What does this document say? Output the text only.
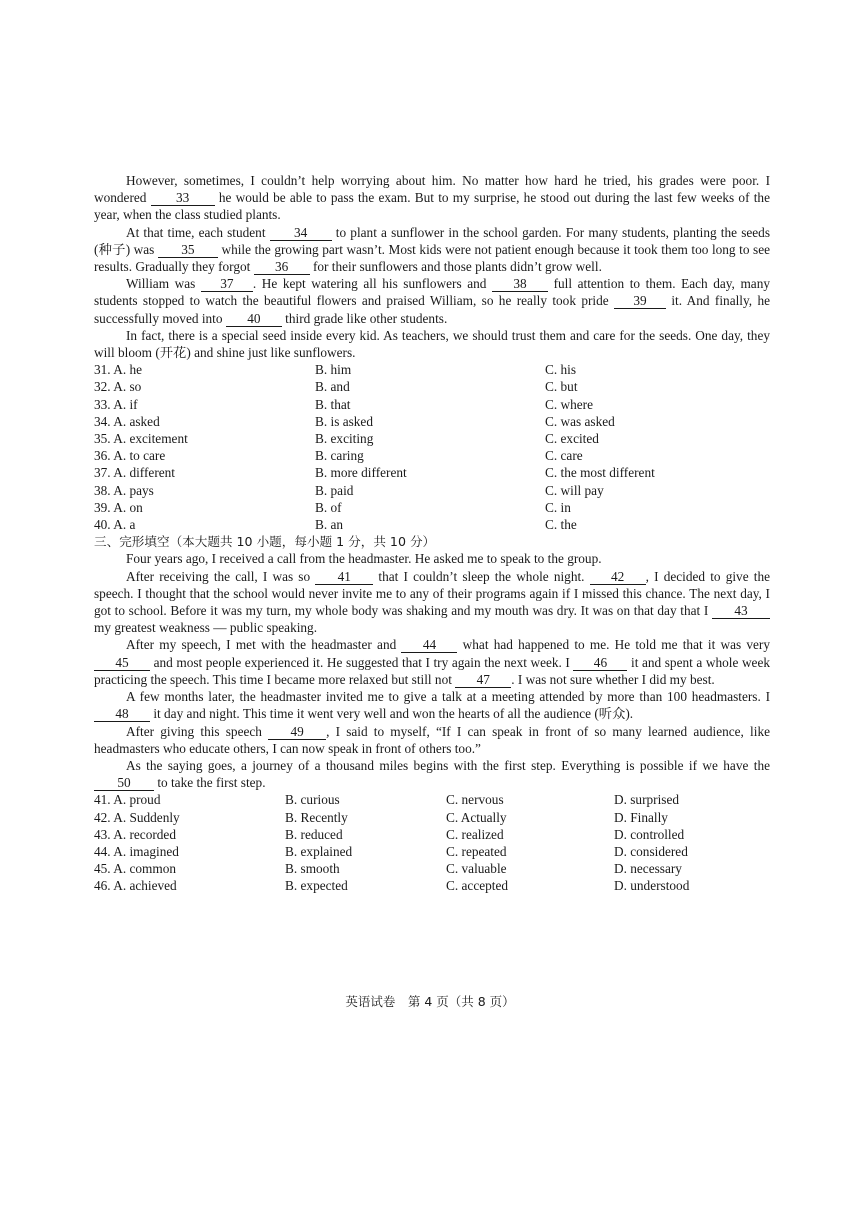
However, sometimes, I couldn’t help worrying about him. No matter how hard he tried, his grades were poor. I wondered 33 he would be able to pass the exam. But to my surprise, he stood out during the last few weeks of the year, when the class studied plants.

At that time, each student 34 to plant a sunflower in the school garden. For many students, planting the seeds (种子) was 35 while the growing part wasn’t. Most kids were not patient enough because it took them too long to see results. Gradually they forgot 36 for their sunflowers and those plants didn’t grow well.

William was 37 . He kept watering all his sunflowers and 38 full attention to them. Each day, many students stopped to watch the beautiful flowers and praised William, so he really took pride 39 it. And finally, he successfully moved into 40 third grade like other students.

In fact, there is a special seed inside every kid. As teachers, we should trust them and care for the seeds. One day, they will bloom (开花) and shine just like sunflowers.

31. A. he	B. him	C. his
32. A. so	B. and	C. but
33. A. if	B. that	C. where
34. A. asked	B. is asked	C. was asked
35. A. excitement	B. exciting	C. excited
36. A. to care	B. caring	C. care
37. A. different	B. more different	C. the most different
38. A. pays	B. paid	C. will pay
39. A. on	B. of	C. in
40. A. a	B. an	C. the

三、完形填空（本大题共 10 小题，每小题 1 分，共 10 分）

Four years ago, I received a call from the headmaster. He asked me to speak to the group.

After receiving the call, I was so 41 that I couldn’t sleep the whole night. 42 , I decided to give the speech. I thought that the school would never invite me to any of their programs again if I missed this chance. The next day, I got to school. Before it was my turn, my whole body was shaking and my mouth was dry. It was on that day that I 43 my greatest weakness — public speaking.

After my speech, I met with the headmaster and 44 what had happened to me. He told me that it was very 45 and most people experienced it. He suggested that I try again the next week. I 46 it and spent a whole week practicing the speech. This time I became more relaxed but still not 47 . I was not sure whether I did my best.

A few months later, the headmaster invited me to give a talk at a meeting attended by more than 100 headmasters. I 48 it day and night. This time it went very well and won the hearts of all the audience (听众).

After giving this speech 49 , I said to myself, “If I can speak in front of so many learned audience, like headmasters who educate others, I can now speak in front of others too.”

As the saying goes, a journey of a thousand miles begins with the first step. Everything is possible if we have the 50 to take the first step.

41. A. proud	B. curious	C. nervous	D. surprised
42. A. Suddenly	B. Recently	C. Actually	D. Finally
43. A. recorded	B. reduced	C. realized	D. controlled
44. A. imagined	B. explained	C. repeated	D. considered
45. A. common	B. smooth	C. valuable	D. necessary
46. A. achieved	B. expected	C. accepted	D. understood
英语试卷　第 4 页（共 8 页）
